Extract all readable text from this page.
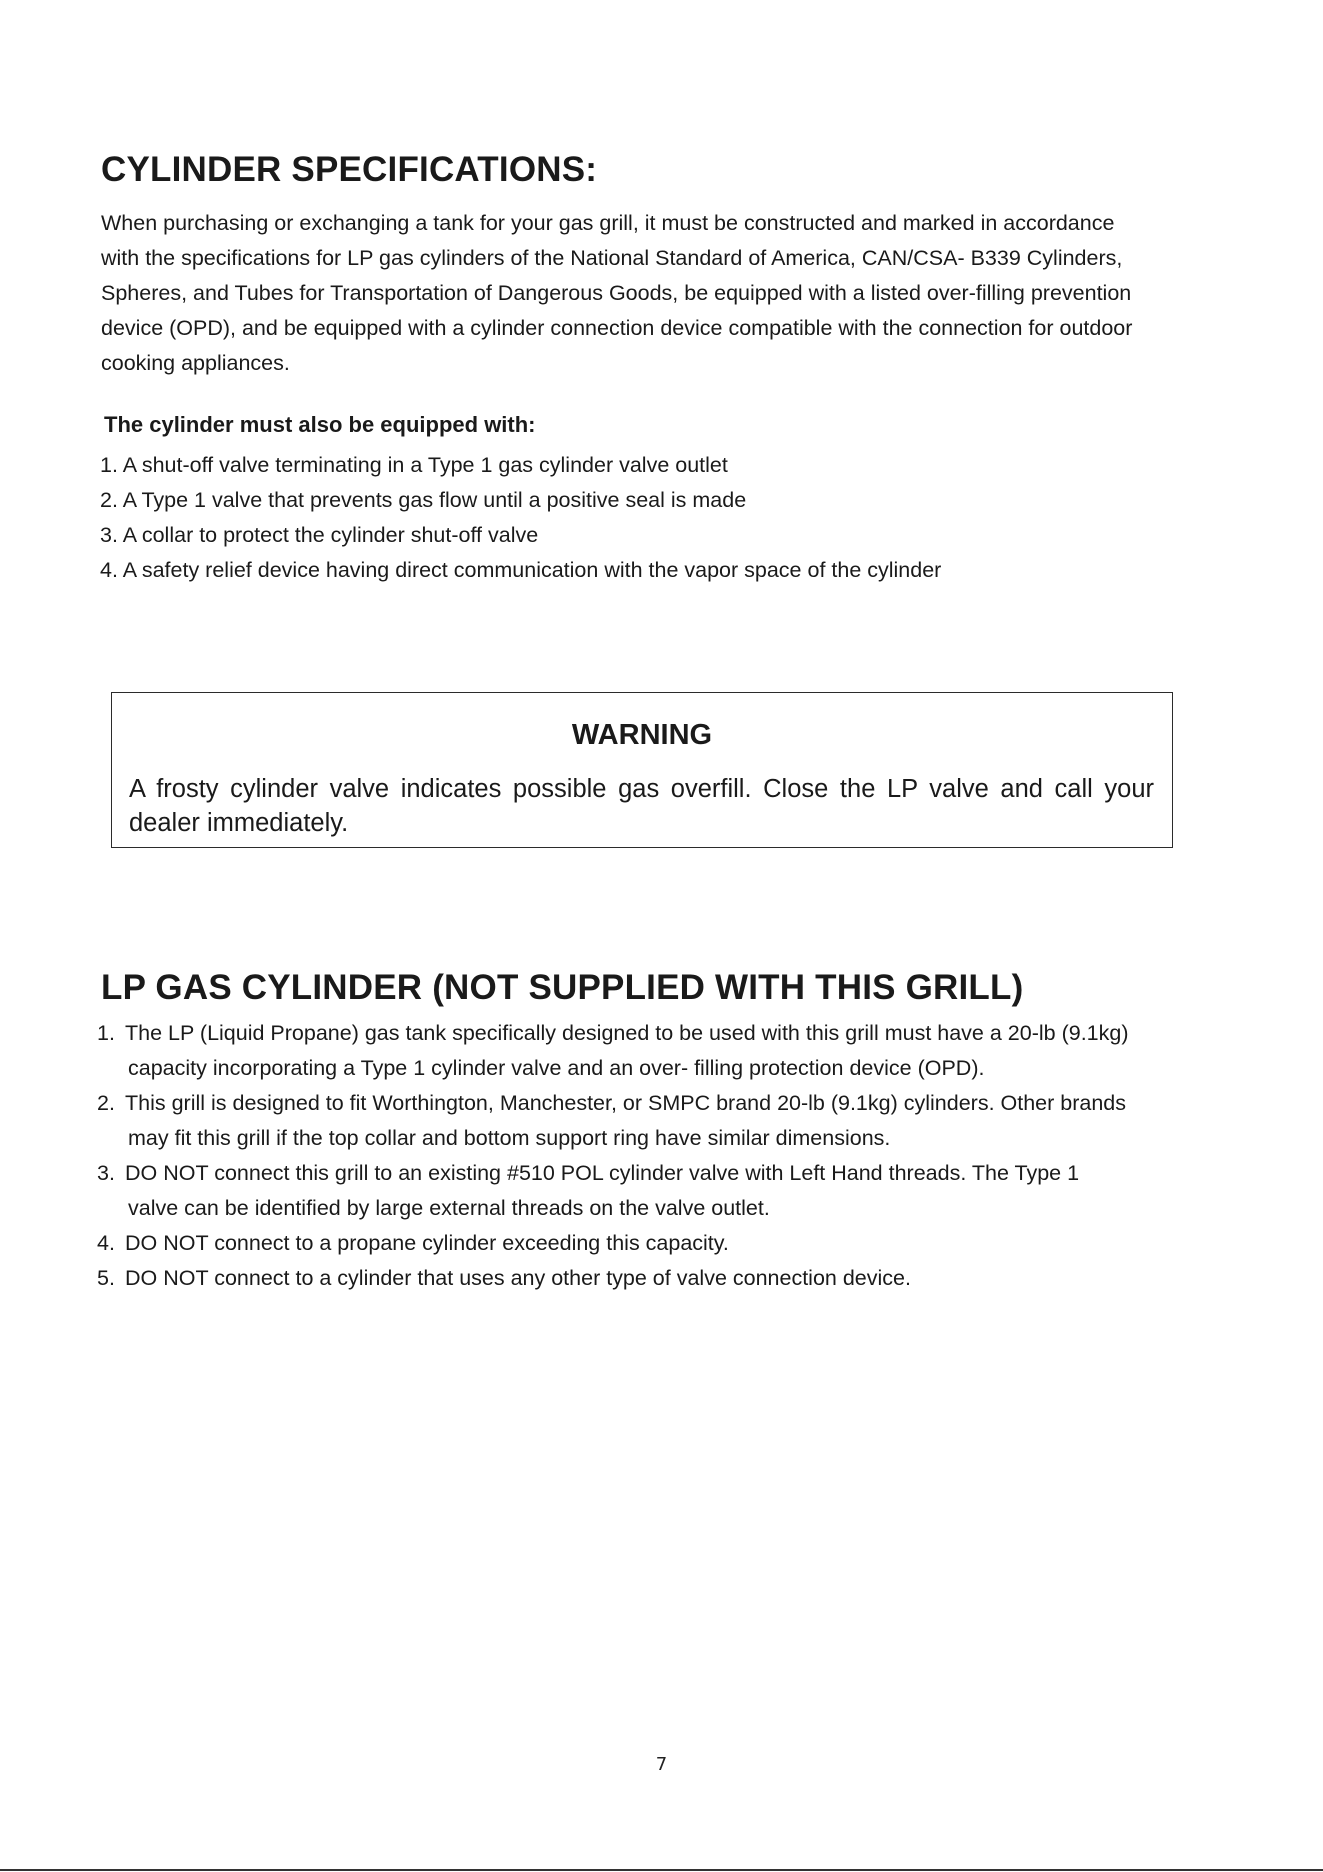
CYLINDER SPECIFICATIONS:
When purchasing or exchanging a tank for your gas grill, it must be constructed and marked in accordance
with the specifications for LP gas cylinders of the National Standard of America, CAN/CSA- B339 Cylinders,
Spheres, and Tubes for Transportation of Dangerous Goods, be equipped with a listed over-filling prevention
device (OPD), and be equipped with a cylinder connection device compatible with the connection for outdoor
cooking appliances.
The cylinder must also be equipped with:
1. A shut-off valve terminating in a Type 1 gas cylinder valve outlet
2. A Type 1 valve that prevents gas flow until a positive seal is made
3. A collar to protect the cylinder shut-off valve
4. A safety relief device having direct communication with the vapor space of the cylinder
WARNING
A frosty cylinder valve indicates possible gas overfill. Close the LP valve and call your
dealer immediately.
LP GAS CYLINDER (NOT SUPPLIED WITH THIS GRILL)
1. The LP (Liquid Propane) gas tank specifically designed to be used with this grill must have a 20-lb (9.1kg)
capacity incorporating a Type 1 cylinder valve and an over- filling protection device (OPD).
2. This grill is designed to fit Worthington, Manchester, or SMPC brand 20-lb (9.1kg) cylinders. Other brands
may fit this grill if the top collar and bottom support ring have similar dimensions.
3. DO NOT connect this grill to an existing #510 POL cylinder valve with Left Hand threads. The Type 1
valve can be identified by large external threads on the valve outlet.
4. DO NOT connect to a propane cylinder exceeding this capacity.
5. DO NOT connect to a cylinder that uses any other type of valve connection device.
7
